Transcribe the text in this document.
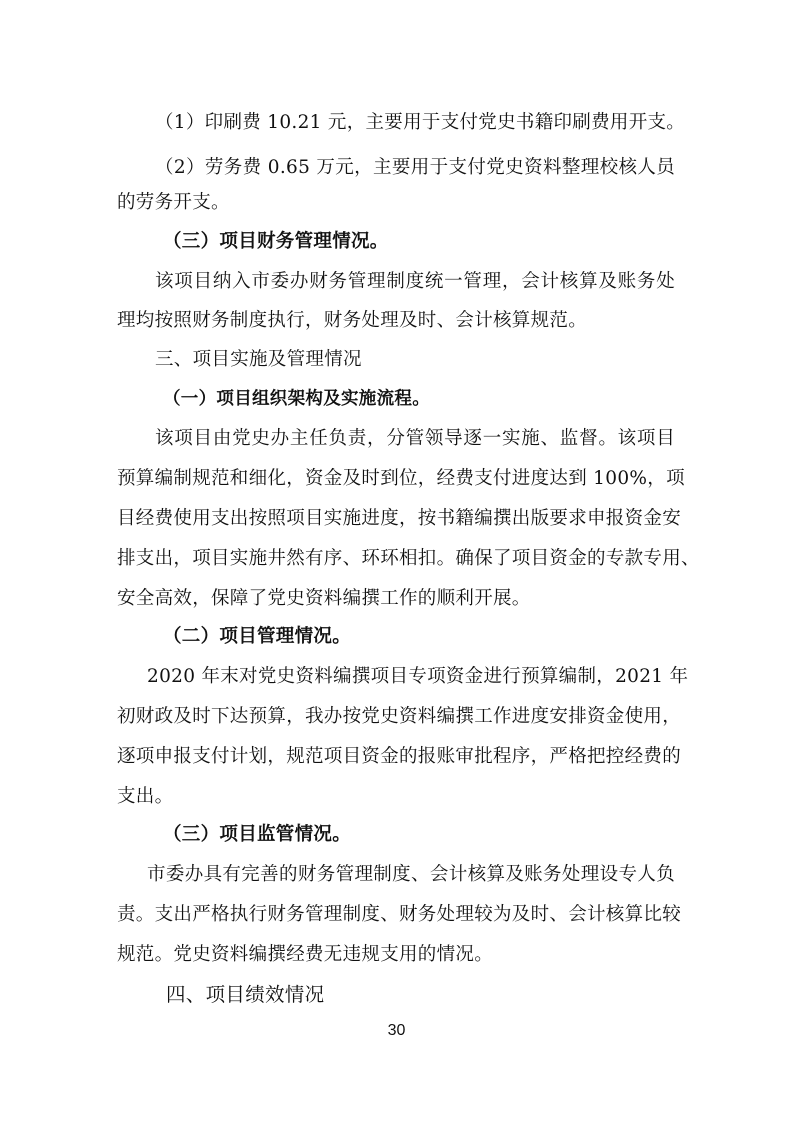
（1）印刷费 10.21 元，主要用于支付党史书籍印刷费用开支。
（2）劳务费 0.65 万元，主要用于支付党史资料整理校核人员
的劳务开支。
（三）项目财务管理情况。
该项目纳入市委办财务管理制度统一管理，会计核算及账务处
理均按照财务制度执行，财务处理及时、会计核算规范。
三、项目实施及管理情况
（一）项目组织架构及实施流程。
该项目由党史办主任负责，分管领导逐一实施、监督。该项目
预算编制规范和细化，资金及时到位，经费支付进度达到 100%，项
目经费使用支出按照项目实施进度，按书籍编撰出版要求申报资金安
排支出，项目实施井然有序、环环相扣。确保了项目资金的专款专用、
安全高效，保障了党史资料编撰工作的顺利开展。
（二）项目管理情况。
2020 年末对党史资料编撰项目专项资金进行预算编制，2021 年
初财政及时下达预算，我办按党史资料编撰工作进度安排资金使用，
逐项申报支付计划，规范项目资金的报账审批程序，严格把控经费的
支出。
（三）项目监管情况。
市委办具有完善的财务管理制度、会计核算及账务处理设专人负
责。支出严格执行财务管理制度、财务处理较为及时、会计核算比较
规范。党史资料编撰经费无违规支用的情况。
四、项目绩效情况
30
